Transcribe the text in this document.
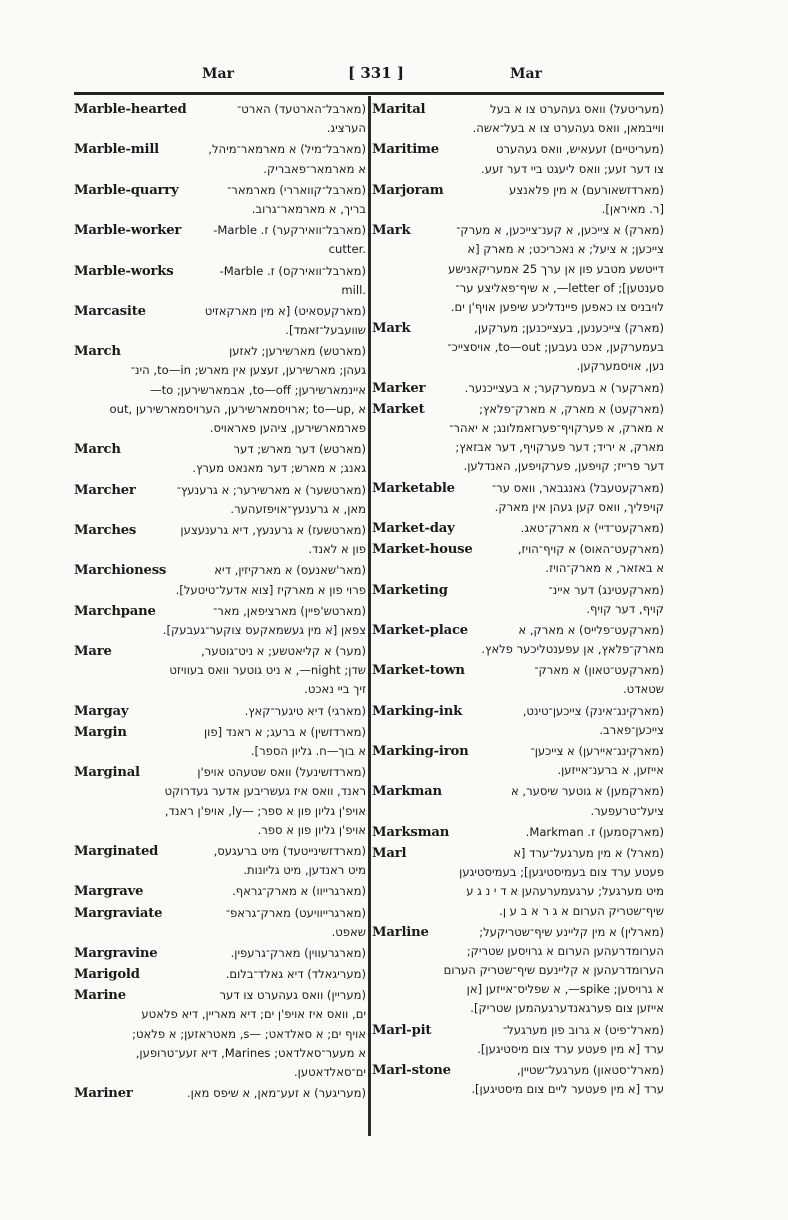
Mar	[ 331 ]	Mar
Marble-hearted	(מארבל־הארטעד) הארט־
הערציג.
Marble-mill	(מארבל־מיל) א מארמאר־מיהל,
א מארמאר־פאבריק.
Marble-quarry	(מארבל־קוואררי) מארמאר־
בריך, א מארמאר־גרוב.
Marble-worker	(מארבל־וואירקער) ז. Marble-
cutter.
Marble-works	(מארבל־וואירקס) ז. Marble-
mill.
Marcasite	(מארקעסאיט) [א מין מארקאזיט
שוועבעל־זאמד].
March	(מארטש) מארשירען; לאזען
געהן; מארשירען, זעצען אין מארש; to—in, הינ־
איינמארשירען; to—off, אבמארשירען; to—
out, ארויסמארשירען, הערויסמארשירען; to—up, א
פארמארשירען, ציהען פאראויס.
March	(מארטש) דער מארש; דער
גאנג; א מארש; דער מאנאט מערץ.
Marcher	(מארטשער) א מארשירער; א גרענעץ־
מאן, א גרענעץ־אויפזעהער.
Marches	(מארטשעז) א גרענעץ, דיא גרענעצען
פון א לאנד.
Marchioness	(מאר'שאנעס) א מארקיזין, דיא
פרוי פון א מארקיז [צוא אדעל־טיטעל].
Marchpane	(מארטש'פיין) מארציפאן, מאר־
צפאן [א מין געשמאקעס צוקער־געבעק].
Mare	(מער) א קליאטשע; א ניט־גוטער,
שדן; night—, א ניט גוטער וואס בעוויזט
זיך ביי נאכט.
Margay	(מארגי) דיא טיגער־קאץ.
Margin	(מארדזשין) א ברעג; א ראנד [פון
א בוך—ח. גליון הספר].
Marginal	(מארדזשינעל) וואס שטעהט אויפ'ן
ראנד, וואס איז געשריבען אדער געדרוקט
אויפ'ן גליון פון א ספר; —ly, אויפ'ן ראנד,
אויפ'ן גליון פון א ספר.
Marginated	(מארדזשינייטעד) מיט ברעגעס,
מיט ראנדען, מיט גליונות.
Margrave	(מארגרייוו) א מארק־גראף.
Margraviate	(מארגרייוויעט) מארק־גראפ־
שאפט.
Margravine	(מארגרעווין) מארק־גרעפין.
Marigold	(מעריגאלד) דיא גאלד־בלום.
Marine	(מעריין) וואס געהערט צו דער
ים, וואס איז אויפ'ן ים; דיא מאריין, דיא פלאטע
אויף ים; א סאלדאט; —s, מאטראזען; א פלאט;
א מעער־סאלדאט; Marines, דיא זעע־טרופען,
ים־סאלדאטען.
Mariner	(מעריגער) א זעע־מאן, א שיפס מאן.
Marital	(מעריטעל) וואס געהערט צו א בעל
ווייבמאן, וואס געהערט צו א בעל־אשה.
Maritime	(מעריטיים) זעעאיש, וואס געהערט
צו דער זעע; וואס ליעגט ביי דער זעע.
Marjoram	(מארדזשאורעם) א מין פלאנצע
[ר. מאיראן].
Mark	(מארק) א צייכען, א קענ־צייכען, א מערק־
צייכען; א ציעל; א נאכריכט; א מארק [א
דייטשע מטבע פון אן ערך 25 אמעריקאנישע
סענטען]; letter of—, א שיף־פאליצע ער־
לויבניס צו כאפען פיינדליכע שיפען אויף'ן ים.
Mark	(מארק) צייכענען, בעצייכנען; מערקען,
בעמערקען, אכט געבען; to—out, אויסצייכ־
נען, אויסמערקען.
Marker	(מארקער) א בעמערקער; א בעצייכנער.
Market	(מארקעט) א מארק, א מארק־פלאץ;
א מארק, א פערקויף־פערזאמלונג; א יאהר־
מארק, א יריד; דער פערקויף, דער אבזאץ;
דער פרייז; קויפען, פערקויפען, האנדלען.
Marketable	(מארקעטעבל) גאנגבאר, וואס ער־
קויפליך, וואס קען געהן אין מארק.
Market-day	(מארקעט־דיי) א מארק־טאג.
Market-house	(מארקעט־האוס) א קויף־הויז,
א באזאר, א מארק־הויז.
Marketing	(מארקעטינג) דער איינ־
קויף, דער קויף.
Market-place	(מארקעט־פלייס) א מארק, א
מארק־פלאץ, אן עפענטליכער פלאץ.
Market-town	(מארקעט־טאון) א מארק־
שטאדט.
Marking-ink	(מארקינג־אינק) צייכען־טינט,
צייכען־פארב.
Marking-iron	(מארקינג־איירען) א צייכען־
אייזען, א ברענ־אייזען.
Markman	(מארקמען) א גוטער שיסער, א
ציעל־טרעפער.
Marksman	(מארקסמען) ז. Markman.
Marl	(מארל) א מין מערגעל־ערד [א
פעטע ערד צום בעמיסטיגען]; בעמיסטיגען
מיט מערגעל; ערגעמערעהען א ד י נ ג ע
שיף־שטריק הערום א ג ר א ב ע ן.
Marline	(מארלין) א מין קליינע שיף־שטריקעל;
הערומדרעהען הערום א גרויסען שטריק;
הערומדרעהען א קליינעם שיף־שטריק הערום
א גרויסען; spike—, א שפליס־אייזען [אן
אייזען צום פערגאנדערגעהמען שטריק].
Marl-pit	(מארל־פיט) א גרוב פון מערגעל־
ערד [א מין פעטע ערד צום מיסטיגען].
Marl-stone	(מארל־סטאון) מערגעל־שטיין,
ערד [א מין פעטער ליים צום מיסטיגען].
